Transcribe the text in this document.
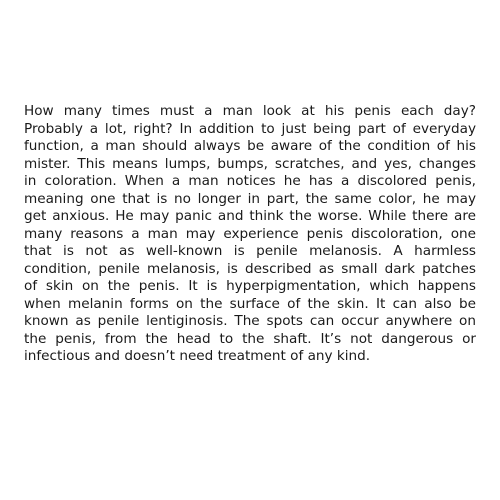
How many times must a man look at his penis each day?
Probably a lot, right? In addition to just being part of everyday
function, a man should always be aware of the condition of his
mister. This means lumps, bumps, scratches, and yes, changes
in coloration. When a man notices he has a discolored penis,
meaning one that is no longer in part, the same color, he may
get anxious. He may panic and think the worse. While there are
many reasons a man may experience penis discoloration, one
that is not as well-known is penile melanosis. A harmless
condition, penile melanosis, is described as small dark patches
of skin on the penis. It is hyperpigmentation, which happens
when melanin forms on the surface of the skin. It can also be
known as penile lentiginosis. The spots can occur anywhere on
the penis, from the head to the shaft. It’s not dangerous or
infectious and doesn’t need treatment of any kind.
